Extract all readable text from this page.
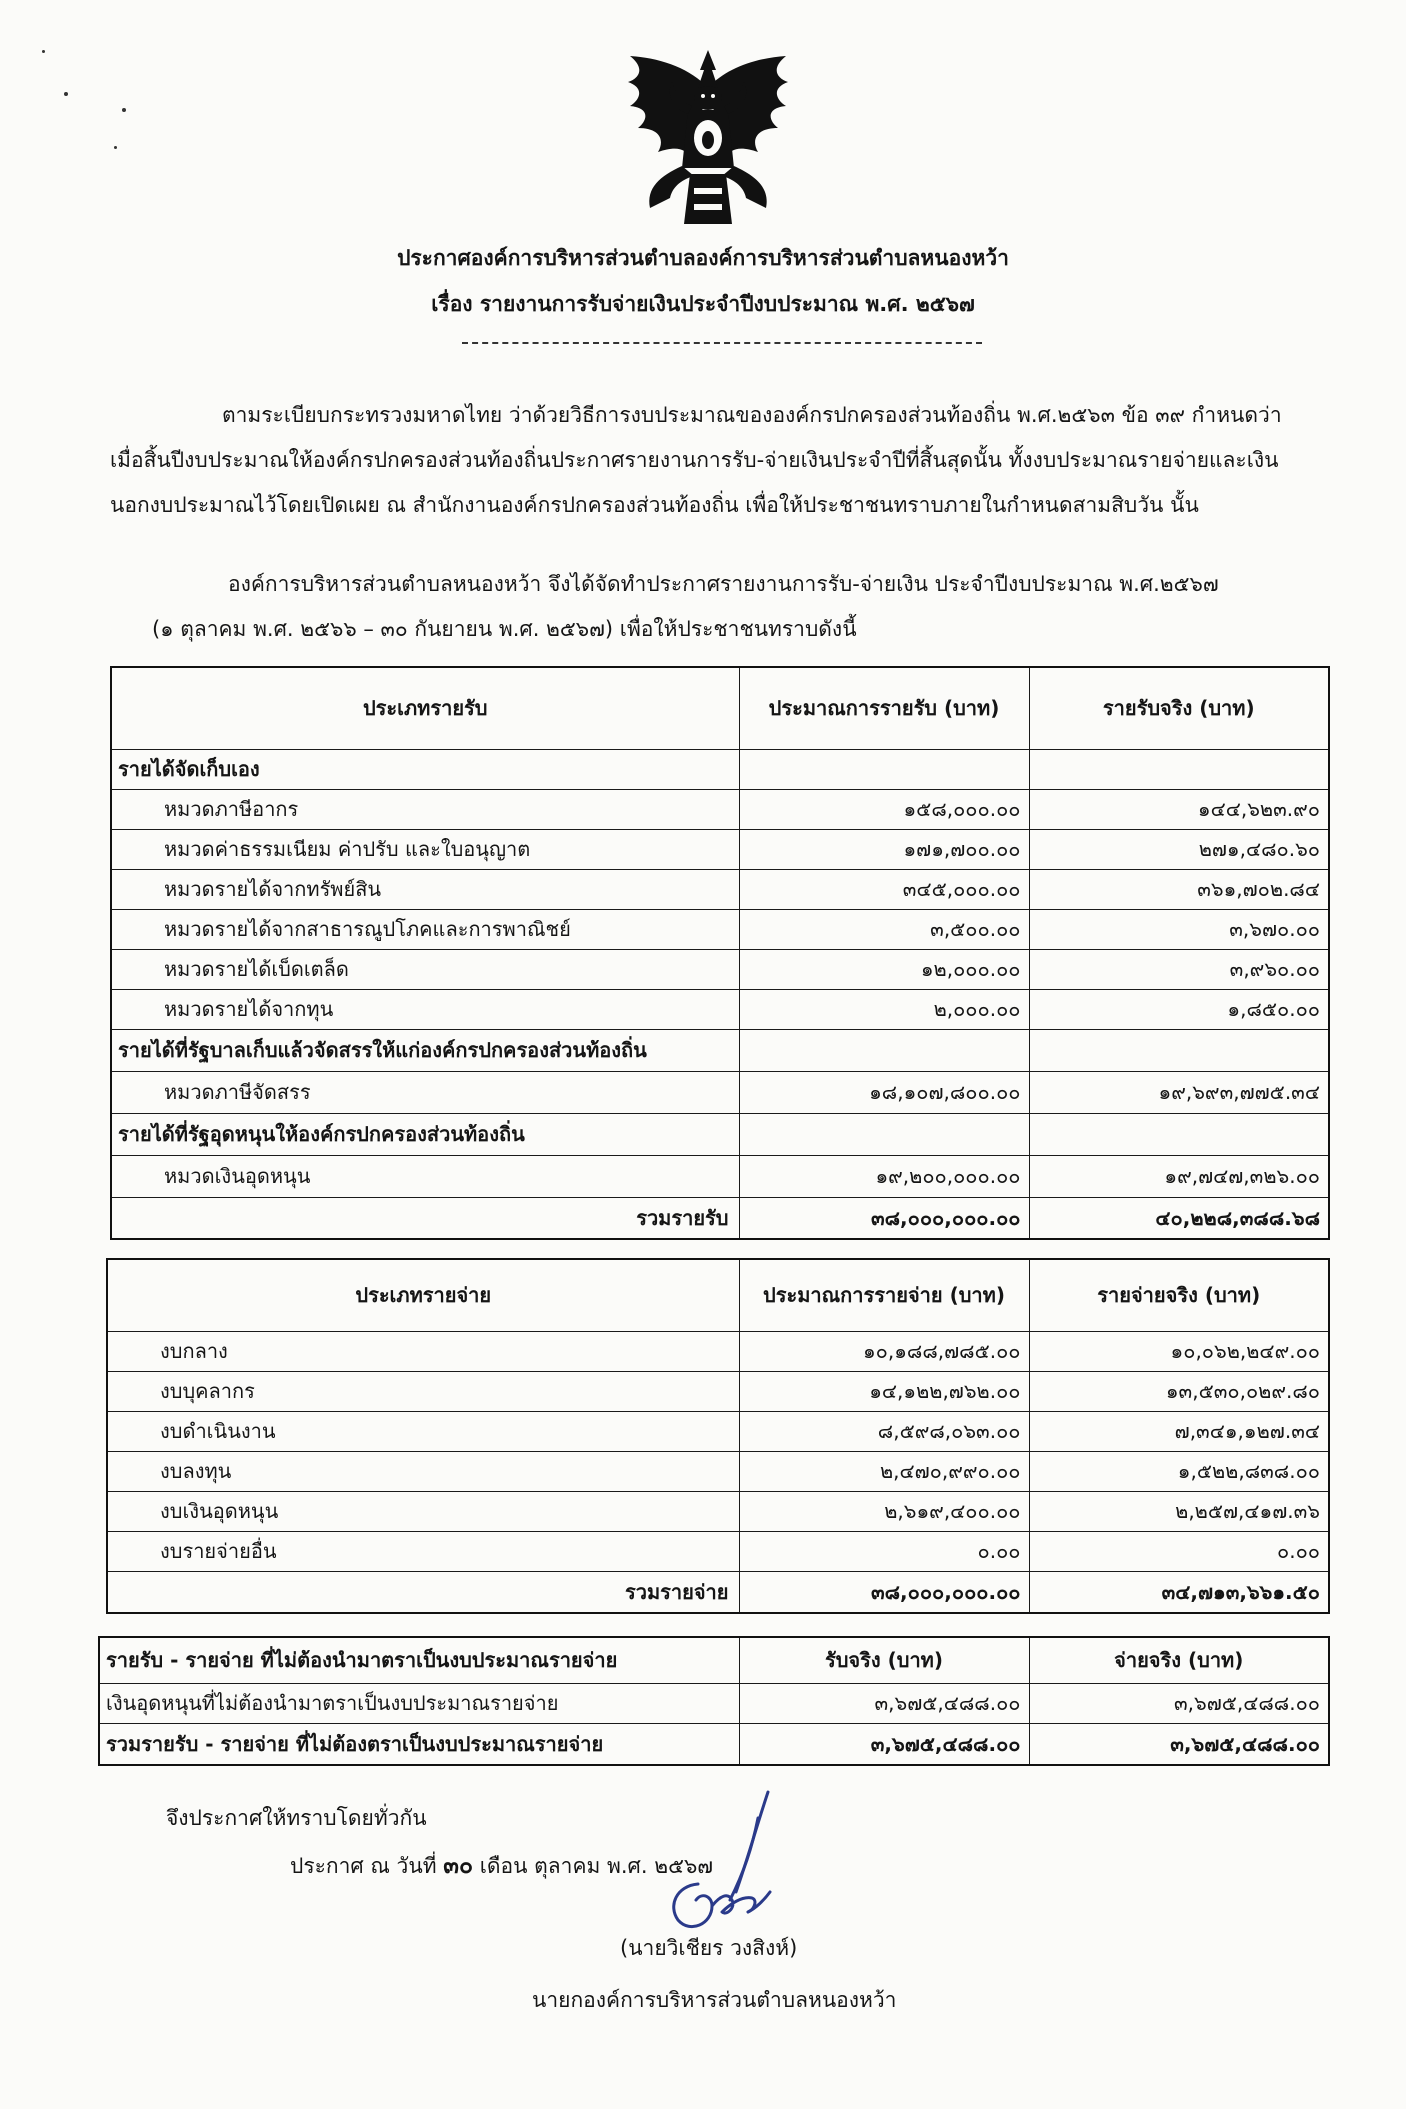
ประกาศองค์การบริหารส่วนตำบลองค์การบริหารส่วนตำบลหนองหว้า
เรื่อง รายงานการรับจ่ายเงินประจำปีงบประมาณ พ.ศ. ๒๕๖๗
ตามระเบียบกระทรวงมหาดไทย ว่าด้วยวิธีการงบประมาณขององค์กรปกครองส่วนท้องถิ่น พ.ศ.๒๕๖๓ ข้อ ๓๙ กำหนดว่า
เมื่อสิ้นปีงบประมาณให้องค์กรปกครองส่วนท้องถิ่นประกาศรายงานการรับ-จ่ายเงินประจำปีที่สิ้นสุดนั้น ทั้งงบประมาณรายจ่ายและเงิน
นอกงบประมาณไว้โดยเปิดเผย ณ สำนักงานองค์กรปกครองส่วนท้องถิ่น เพื่อให้ประชาชนทราบภายในกำหนดสามสิบวัน นั้น
องค์การบริหารส่วนตำบลหนองหว้า จึงได้จัดทำประกาศรายงานการรับ-จ่ายเงิน ประจำปีงบประมาณ พ.ศ.๒๕๖๗
(๑ ตุลาคม พ.ศ. ๒๕๖๖ – ๓๐ กันยายน พ.ศ. ๒๕๖๗) เพื่อให้ประชาชนทราบดังนี้
ประเภทรายรับ	ประมาณการรายรับ (บาท)	รายรับจริง (บาท)
รายได้จัดเก็บเอง		
หมวดภาษีอากร	๑๕๘,๐๐๐.๐๐	๑๔๔,๖๒๓.๙๐
หมวดค่าธรรมเนียม ค่าปรับ และใบอนุญาต	๑๗๑,๗๐๐.๐๐	๒๗๑,๔๘๐.๖๐
หมวดรายได้จากทรัพย์สิน	๓๔๕,๐๐๐.๐๐	๓๖๑,๗๐๒.๘๔
หมวดรายได้จากสาธารณูปโภคและการพาณิชย์	๓,๕๐๐.๐๐	๓,๖๗๐.๐๐
หมวดรายได้เบ็ดเตล็ด	๑๒,๐๐๐.๐๐	๓,๙๖๐.๐๐
หมวดรายได้จากทุน	๒,๐๐๐.๐๐	๑,๘๕๐.๐๐
รายได้ที่รัฐบาลเก็บแล้วจัดสรรให้แก่องค์กรปกครองส่วนท้องถิ่น		
หมวดภาษีจัดสรร	๑๘,๑๐๗,๘๐๐.๐๐	๑๙,๖๙๓,๗๗๕.๓๔
รายได้ที่รัฐอุดหนุนให้องค์กรปกครองส่วนท้องถิ่น		
หมวดเงินอุดหนุน	๑๙,๒๐๐,๐๐๐.๐๐	๑๙,๗๔๗,๓๒๖.๐๐
รวมรายรับ	๓๘,๐๐๐,๐๐๐.๐๐	๔๐,๒๒๘,๓๘๘.๖๘
ประเภทรายจ่าย	ประมาณการรายจ่าย (บาท)	รายจ่ายจริง (บาท)
งบกลาง	๑๐,๑๘๘,๗๘๕.๐๐	๑๐,๐๖๒,๒๔๙.๐๐
งบบุคลากร	๑๔,๑๒๒,๗๖๒.๐๐	๑๓,๕๓๐,๐๒๙.๘๐
งบดำเนินงาน	๘,๕๙๘,๐๖๓.๐๐	๗,๓๔๑,๑๒๗.๓๔
งบลงทุน	๒,๔๗๐,๙๙๐.๐๐	๑,๕๒๒,๘๓๘.๐๐
งบเงินอุดหนุน	๒,๖๑๙,๔๐๐.๐๐	๒,๒๕๗,๔๑๗.๓๖
งบรายจ่ายอื่น	๐.๐๐	๐.๐๐
รวมรายจ่าย	๓๘,๐๐๐,๐๐๐.๐๐	๓๔,๗๑๓,๖๖๑.๕๐
รายรับ - รายจ่าย ที่ไม่ต้องนำมาตราเป็นงบประมาณรายจ่าย	รับจริง (บาท)	จ่ายจริง (บาท)
เงินอุดหนุนที่ไม่ต้องนำมาตราเป็นงบประมาณรายจ่าย	๓,๖๗๕,๔๘๘.๐๐	๓,๖๗๕,๔๘๘.๐๐
รวมรายรับ - รายจ่าย ที่ไม่ต้องตราเป็นงบประมาณรายจ่าย	๓,๖๗๕,๔๘๘.๐๐	๓,๖๗๕,๔๘๘.๐๐
จึงประกาศให้ทราบโดยทั่วกัน
ประกาศ ณ วันที่ ๓๐ เดือน ตุลาคม พ.ศ. ๒๕๖๗
(นายวิเชียร วงสิงห์)
นายกองค์การบริหารส่วนตำบลหนองหว้า
